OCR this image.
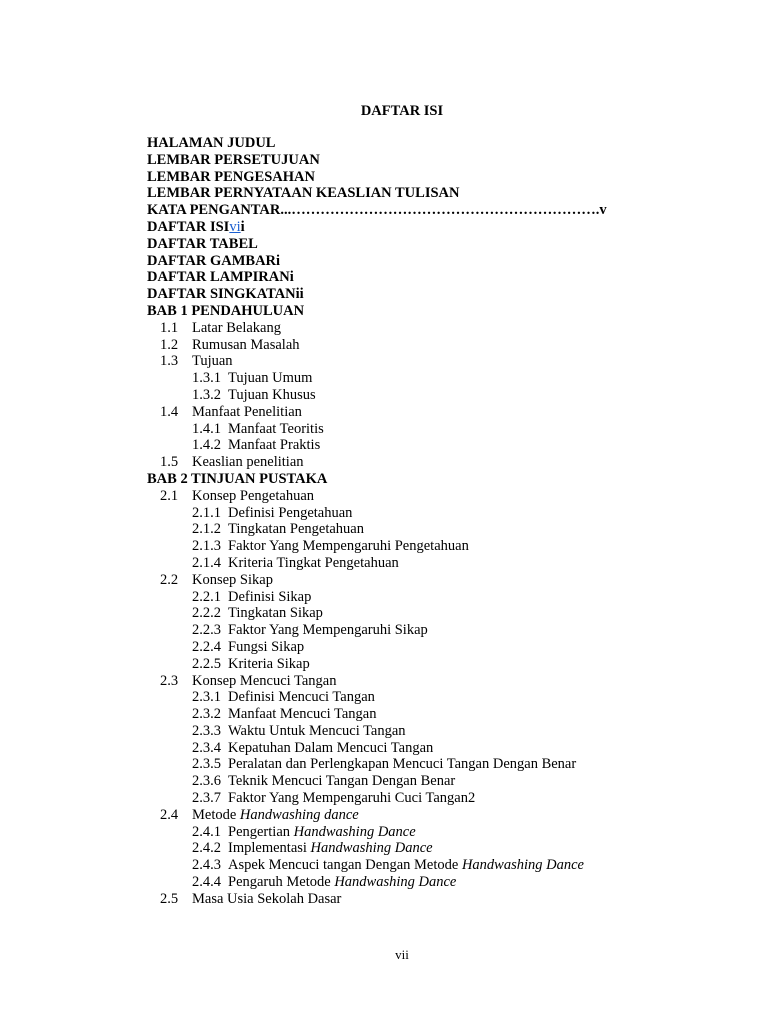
DAFTAR ISI
HALAMAN JUDUL
LEMBAR PERSETUJUAN
LEMBAR PENGESAHAN
LEMBAR PERNYATAAN KEASLIAN TULISAN
KATA PENGANTAR...……………………………………………………….v
DAFTAR ISIvii
DAFTAR TABEL
DAFTAR GAMBARi
DAFTAR LAMPIRANi
DAFTAR SINGKATANii
BAB 1 PENDAHULUAN
1.1 Latar Belakang
1.2 Rumusan Masalah
1.3 Tujuan
1.3.1 Tujuan Umum
1.3.2 Tujuan Khusus
1.4 Manfaat Penelitian
1.4.1 Manfaat Teoritis
1.4.2 Manfaat Praktis
1.5 Keaslian penelitian
BAB 2 TINJUAN PUSTAKA
2.1 Konsep Pengetahuan
2.1.1 Definisi Pengetahuan
2.1.2 Tingkatan Pengetahuan
2.1.3 Faktor Yang Mempengaruhi Pengetahuan
2.1.4 Kriteria Tingkat Pengetahuan
2.2 Konsep Sikap
2.2.1 Definisi Sikap
2.2.2 Tingkatan Sikap
2.2.3 Faktor Yang Mempengaruhi Sikap
2.2.4 Fungsi Sikap
2.2.5 Kriteria Sikap
2.3 Konsep Mencuci Tangan
2.3.1 Definisi Mencuci Tangan
2.3.2 Manfaat Mencuci Tangan
2.3.3 Waktu Untuk Mencuci Tangan
2.3.4 Kepatuhan Dalam Mencuci Tangan
2.3.5 Peralatan dan Perlengkapan Mencuci Tangan Dengan Benar
2.3.6 Teknik Mencuci Tangan Dengan Benar
2.3.7 Faktor Yang Mempengaruhi Cuci Tangan2
2.4 Metode Handwashing dance
2.4.1 Pengertian Handwashing Dance
2.4.2 Implementasi Handwashing Dance
2.4.3 Aspek Mencuci tangan Dengan Metode Handwashing Dance
2.4.4 Pengaruh Metode Handwashing Dance
2.5 Masa Usia Sekolah Dasar
vii
